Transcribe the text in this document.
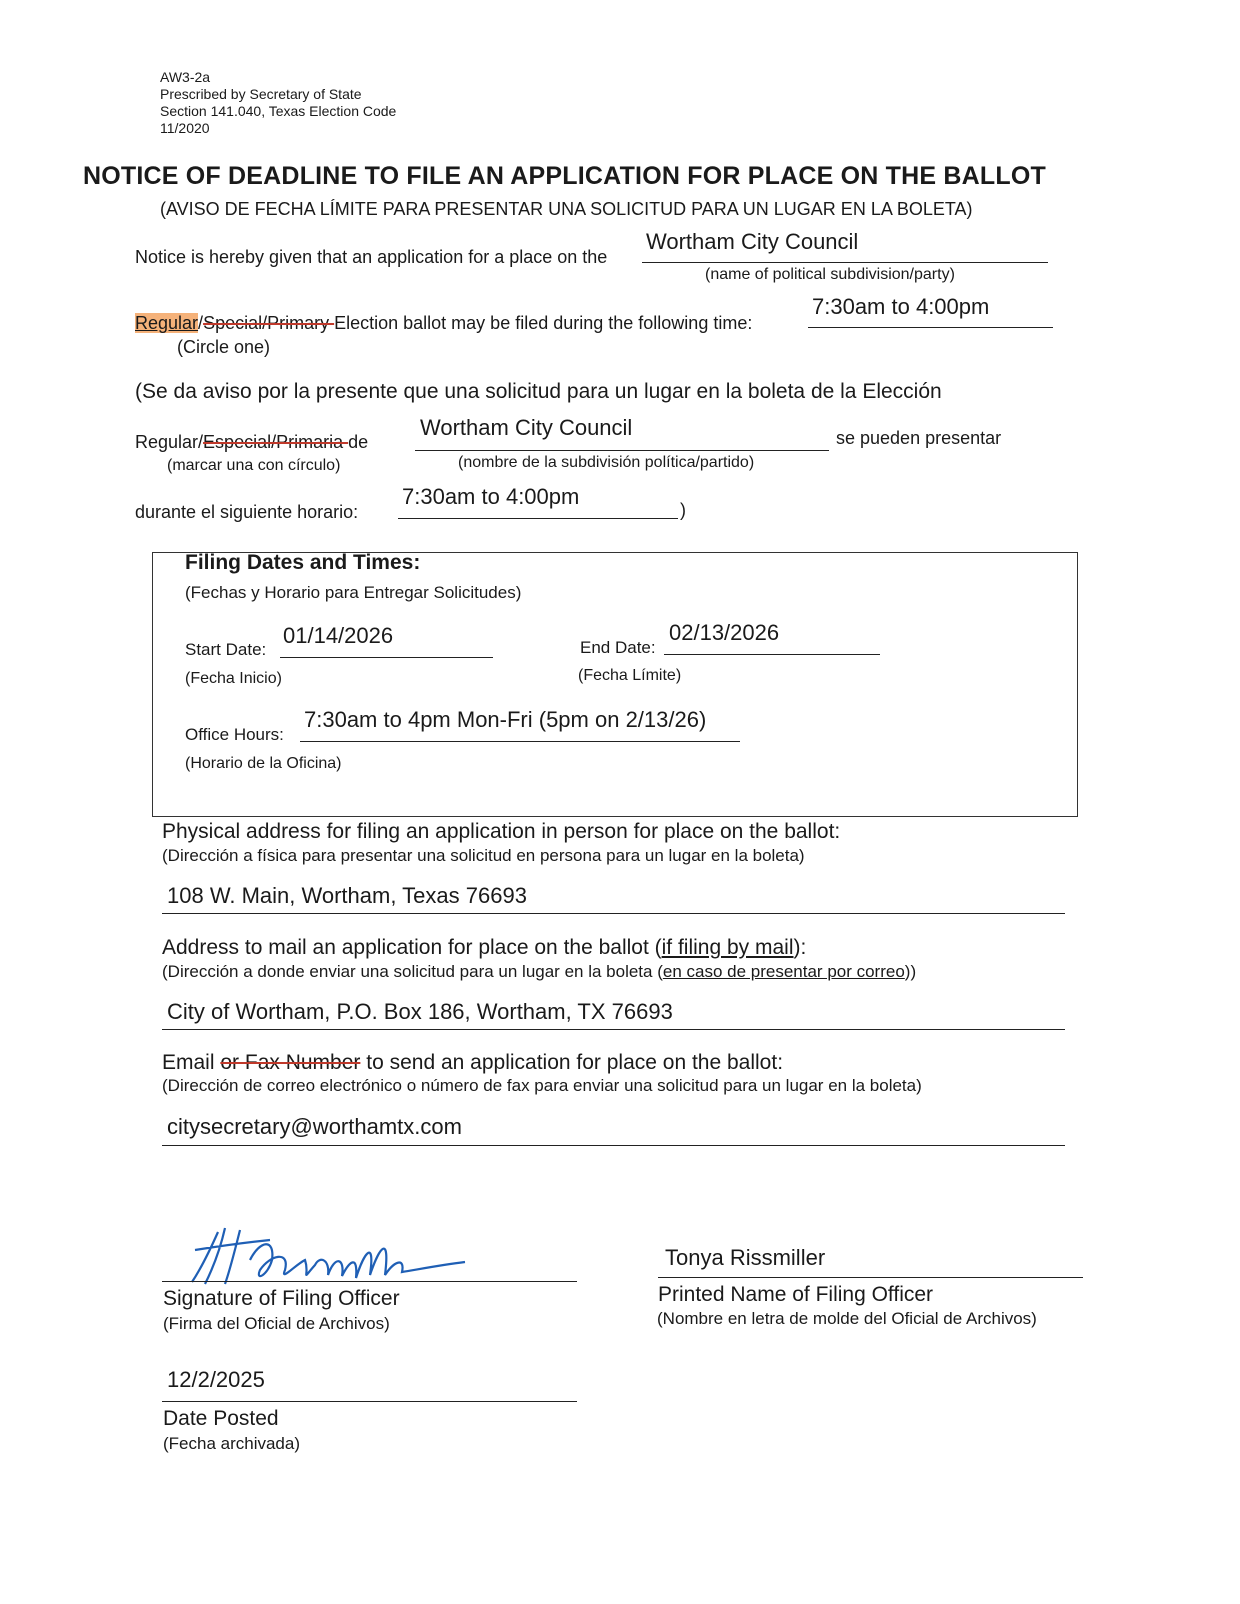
AW3-2a
Prescribed by Secretary of State
Section 141.040, Texas Election Code
11/2020
NOTICE OF DEADLINE TO FILE AN APPLICATION FOR PLACE ON THE BALLOT
(AVISO DE FECHA LÍMITE PARA PRESENTAR UNA SOLICITUD PARA UN LUGAR EN LA BOLETA)
Notice is hereby given that an application for a place on the
Wortham City Council
(name of political subdivision/party)
Regular/Special/Primary Election ballot may be filed during the following time:
7:30am to 4:00pm
(Circle one)
(Se da aviso por la presente que una solicitud para un lugar en la boleta de la Elección
Regular/Especial/Primaria de
Wortham City Council	se pueden presentar
(marcar una con círculo)	(nombre de la subdivisión política/partido)
durante el siguiente horario:
7:30am to 4:00pm
)
Filing Dates and Times:
(Fechas y Horario para Entregar Solicitudes)
Start Date:
01/14/2026
(Fecha Inicio)
End Date:
02/13/2026
(Fecha Límite)
Office Hours:
7:30am to 4pm Mon-Fri (5pm on 2/13/26)
(Horario de la Oficina)
Physical address for filing an application in person for place on the ballot:
(Dirección a física para presentar una solicitud en persona para un lugar en la boleta)
108 W. Main, Wortham, Texas 76693
Address to mail an application for place on the ballot (if filing by mail):
(Dirección a donde enviar una solicitud para un lugar en la boleta (en caso de presentar por correo))
City of Wortham, P.O. Box 186, Wortham, TX 76693
Email or Fax Number to send an application for place on the ballot:
(Dirección de correo electrónico o número de fax para enviar una solicitud para un lugar en la boleta)
citysecretary@worthamtx.com
Signature of Filing Officer
(Firma del Oficial de Archivos)
Tonya Rissmiller
Printed Name of Filing Officer
(Nombre en letra de molde del Oficial de Archivos)
12/2/2025
Date Posted
(Fecha archivada)
